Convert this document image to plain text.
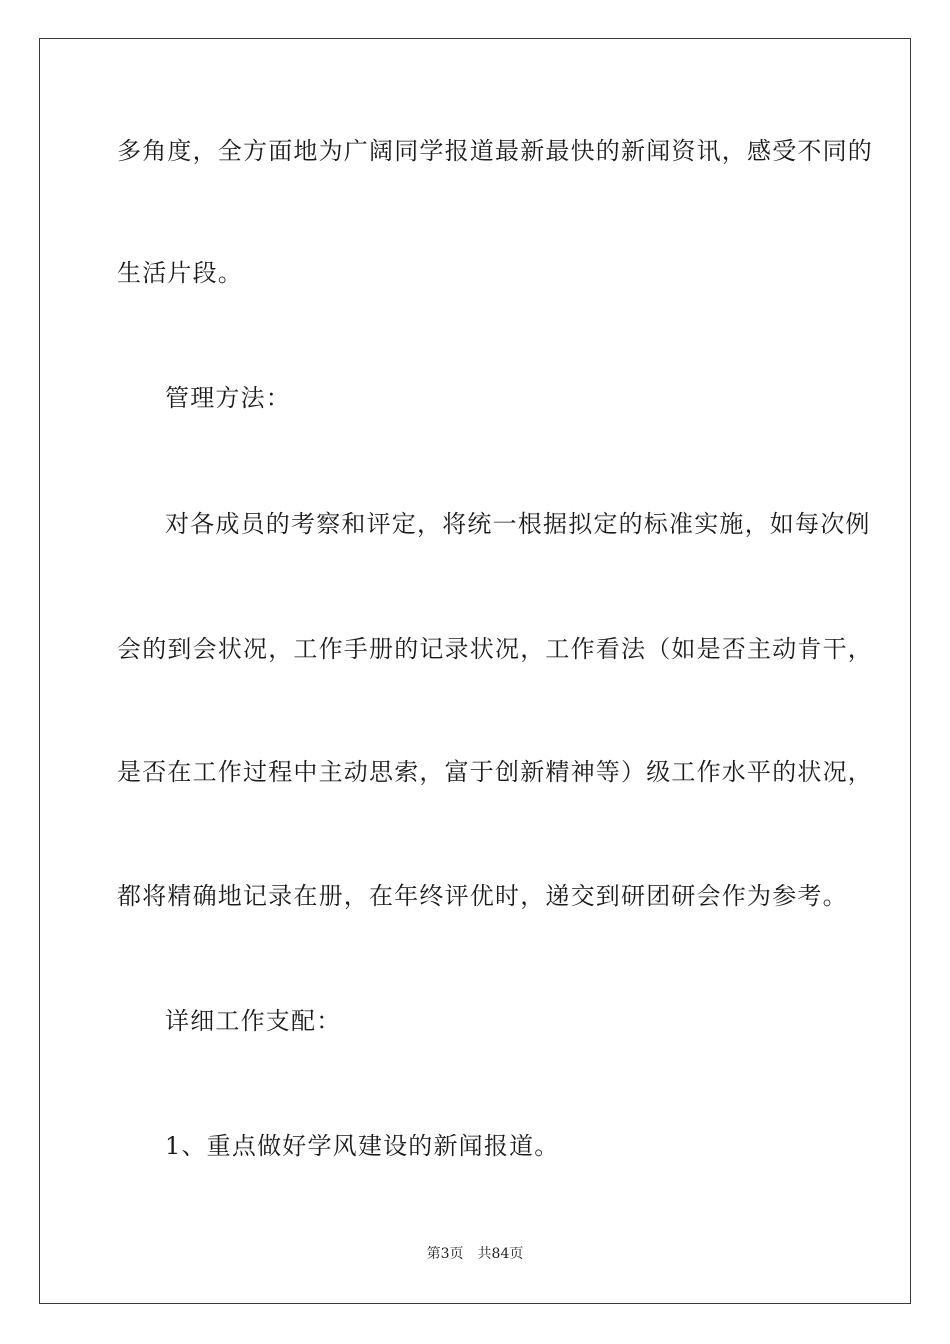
多角度，全方面地为广阔同学报道最新最快的新闻资讯，感受不同的
生活片段。
管理方法：
对各成员的考察和评定，将统一根据拟定的标准实施，如每次例
会的到会状况，工作手册的记录状况，工作看法（如是否主动肯干，
是否在工作过程中主动思索，富于创新精神等）级工作水平的状况，
都将精确地记录在册，在年终评优时，递交到研团研会作为参考。
详细工作支配：
1、重点做好学风建设的新闻报道。
第3页 共84页
